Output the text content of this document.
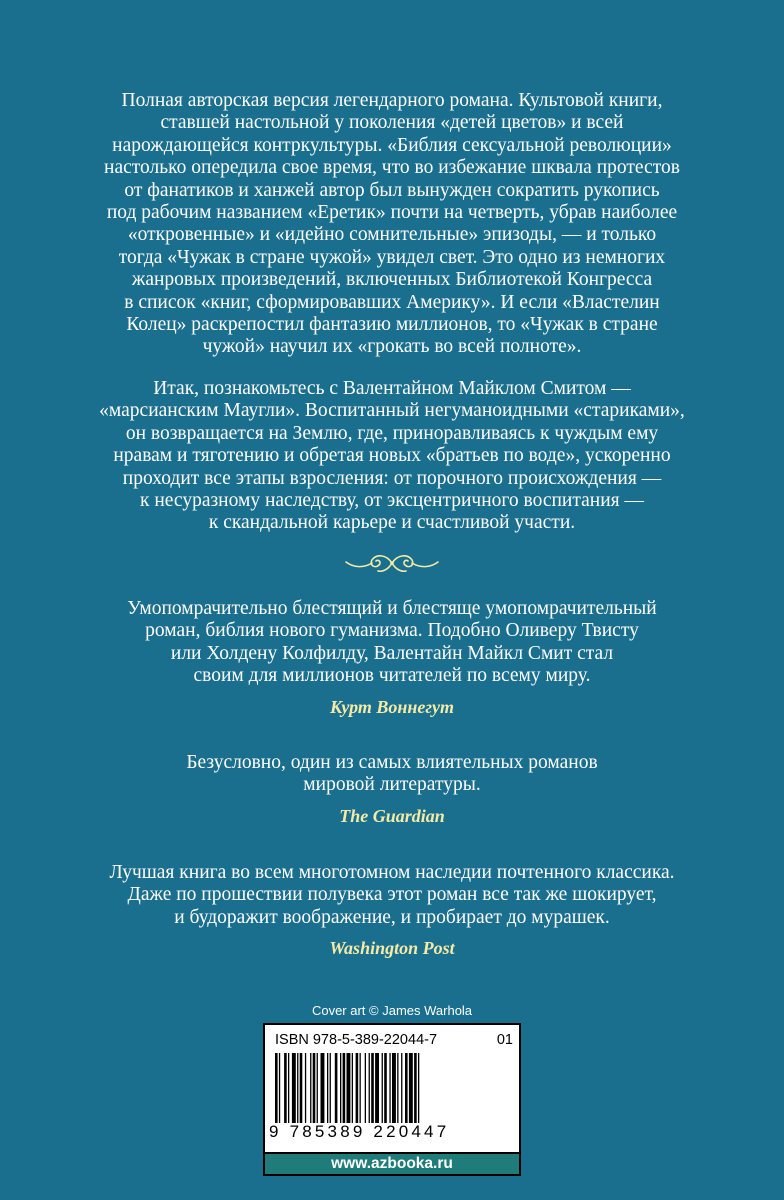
Полная авторская версия легендарного романа. Культовой книги,
ставшей настольной у поколения «детей цветов» и всей
нарождающейся контркультуры. «Библия сексуальной революции»
настолько опередила свое время, что во избежание шквала протестов
от фанатиков и ханжей автор был вынужден сократить рукопись
под рабочим названием «Еретик» почти на четверть, убрав наиболее
«откровенные» и «идейно сомнительные» эпизоды, — и только
тогда «Чужак в стране чужой» увидел свет. Это одно из немногих
жанровых произведений, включенных Библиотекой Конгресса
в список «книг, сформировавших Америку». И если «Властелин
Колец» раскрепостил фантазию миллионов, то «Чужак в стране
чужой» научил их «грокать во всей полноте».
Итак, познакомьтесь с Валентайном Майклом Смитом —
«марсианским Маугли». Воспитанный негуманоидными «стариками»,
он возвращается на Землю, где, приноравливаясь к чуждым ему
нравам и тяготению и обретая новых «братьев по воде», ускоренно
проходит все этапы взросления: от порочного происхождения —
к несуразному наследству, от эксцентричного воспитания —
к скандальной карьере и счастливой участи.
Умопомрачительно блестящий и блестяще умопомрачительный
роман, библия нового гуманизма. Подобно Оливеру Твисту
или Холдену Колфилду, Валентайн Майкл Смит стал
своим для миллионов читателей по всему миру.
Курт Воннегут
Безусловно, один из самых влиятельных романов
мировой литературы.
The Guardian
Лучшая книга во всем многотомном наследии почтенного классика.
Даже по прошествии полувека этот роман все так же шокирует,
и будоражит воображение, и пробирает до мурашек.
Washington Post
Cover art © James Warhola
ISBN 978-5-389-22044-7	01
9 785389 220447
www.azbooka.ru
